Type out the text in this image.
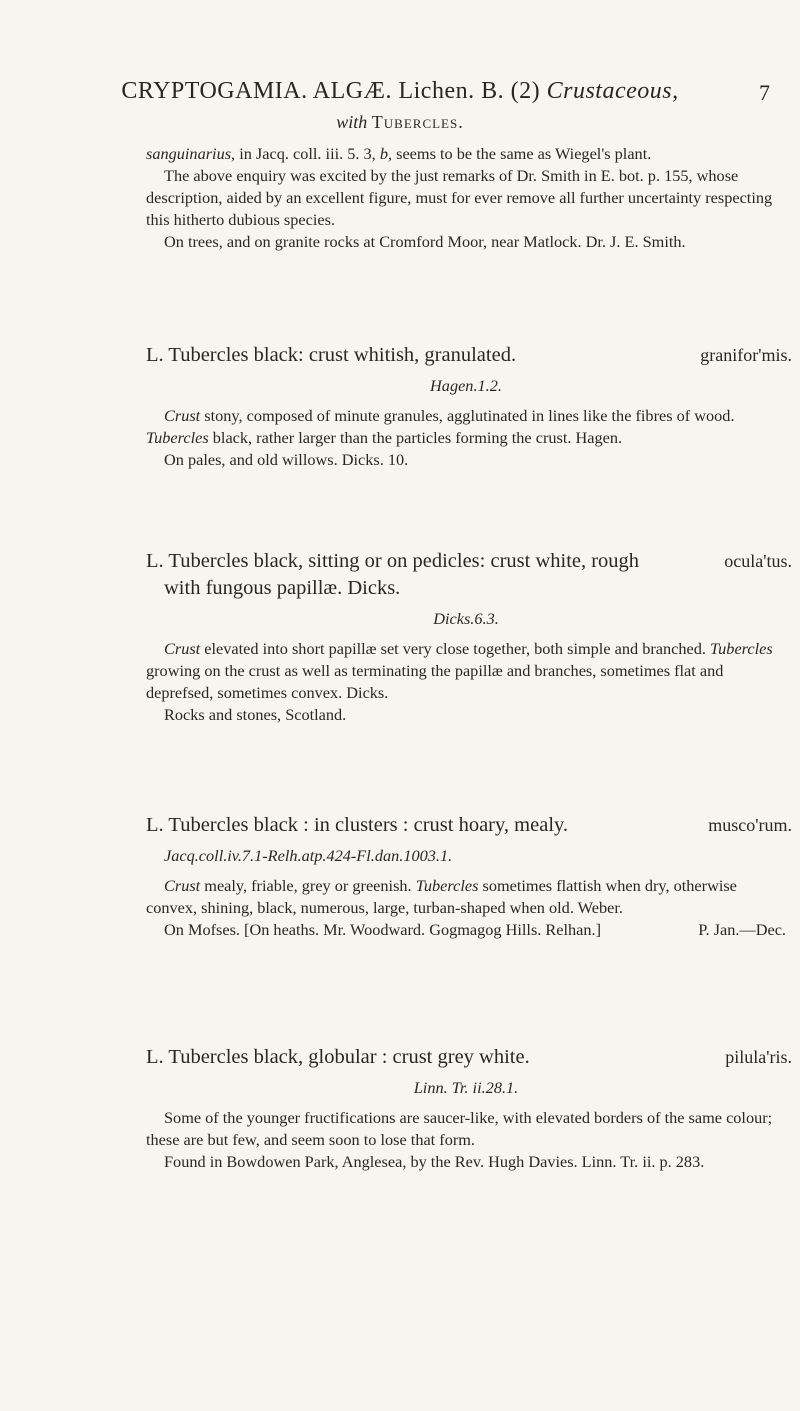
CRYPTOGAMIA. ALGÆ. Lichen. B. (2) Crustaceous,	7
with Tubercles.

sanguinarius, in Jacq. coll. iii. 5. 3, b, seems to be the same as Wiegel's plant.

The above enquiry was excited by the just remarks of Dr. Smith in E. bot. p. 155, whose description, aided by an excellent figure, must for ever remove all further uncertainty respecting this hitherto dubious species.

On trees, and on granite rocks at Cromford Moor, near Matlock. Dr. J. E. Smith.

L. Tubercles black: crust whitish, granulated.	granifor'mis.
Hagen.1.2.

Crust stony, composed of minute granules, agglutinated in lines like the fibres of wood. Tubercles black, rather larger than the particles forming the crust. Hagen.

On pales, and old willows. Dicks. 10.

L. Tubercles black, sitting or on pedicles: crust white, rough with fungous papillæ. Dicks.
ocula'tus.
Dicks.6.3.

Crust elevated into short papillæ set very close together, both simple and branched. Tubercles growing on the crust as well as terminating the papillæ and branches, sometimes flat and deprefsed, sometimes convex. Dicks.

Rocks and stones, Scotland.

L. Tubercles black : in clusters : crust hoary, mealy.	musco'rum.
Jacq.coll.iv.7.1-Relh.atp.424-Fl.dan.1003.1.

Crust mealy, friable, grey or greenish. Tubercles sometimes flattish when dry, otherwise convex, shining, black, numerous, large, turban-shaped when old. Weber.

On Mofses. [On heaths. Mr. Woodward. Gogmagog Hills. Relhan.]	P. Jan.—Dec.

L. Tubercles black, globular : crust grey white.	pilula'ris.
Linn. Tr. ii.28.1.

Some of the younger fructifications are saucer-like, with elevated borders of the same colour; these are but few, and seem soon to lose that form.

Found in Bowdowen Park, Anglesea, by the Rev. Hugh Davies. Linn. Tr. ii. p. 283.
